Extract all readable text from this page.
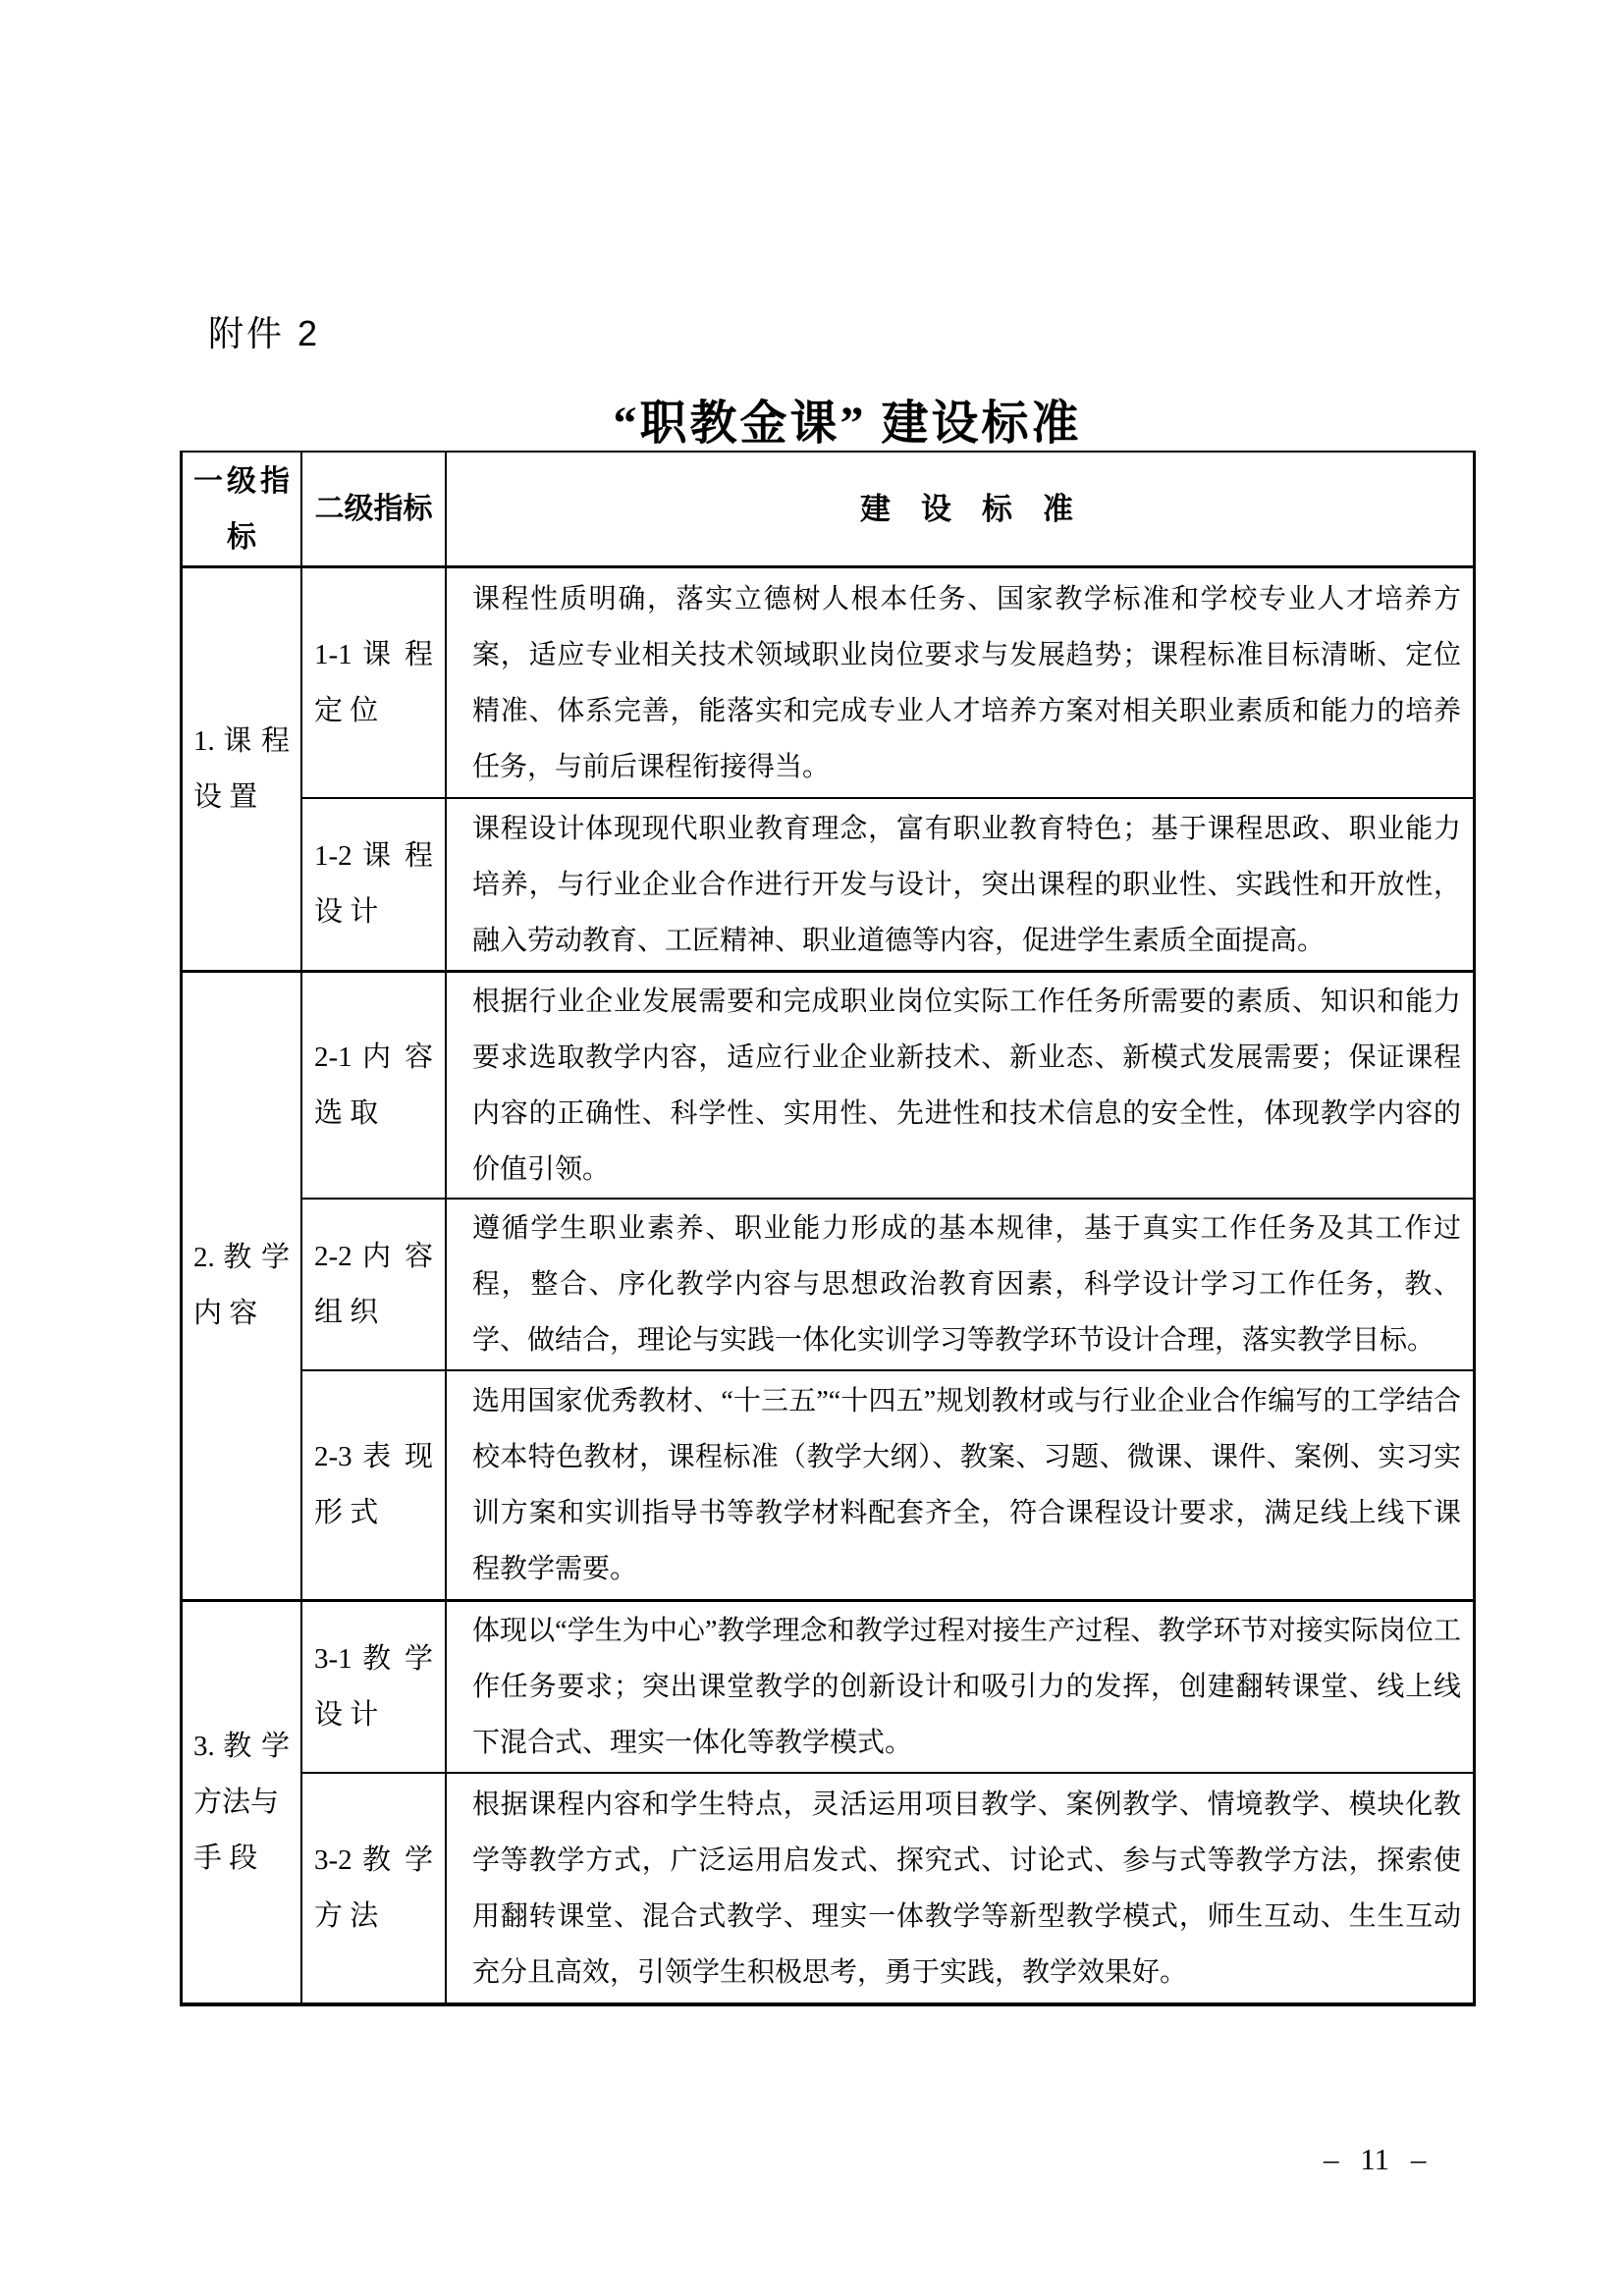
附件 2
“职教金课” 建设标准
一级指
标
二级指标	建　设　标　准
1. 课 程
设 置
2. 教 学
内 容
3. 教 学
方法与
手 段
1-1 课 程
定 位
课程性质明确，落实立德树人根本任务、国家教学标准和学校专业人才培养方案，适应专业相关技术领域职业岗位要求与发展趋势；课程标准目标清晰、定位精准、体系完善，能落实和完成专业人才培养方案对相关职业素质和能力的培养任务，与前后课程衔接得当。
1-2 课 程
设 计
课程设计体现现代职业教育理念，富有职业教育特色；基于课程思政、职业能力培养，与行业企业合作进行开发与设计，突出课程的职业性、实践性和开放性，融入劳动教育、工匠精神、职业道德等内容，促进学生素质全面提高。
2-1 内 容
选 取
根据行业企业发展需要和完成职业岗位实际工作任务所需要的素质、知识和能力要求选取教学内容，适应行业企业新技术、新业态、新模式发展需要；保证课程内容的正确性、科学性、实用性、先进性和技术信息的安全性，体现教学内容的价值引领。
2-2 内 容
组 织
遵循学生职业素养、职业能力形成的基本规律，基于真实工作任务及其工作过程，整合、序化教学内容与思想政治教育因素，科学设计学习工作任务，教、学、做结合，理论与实践一体化实训学习等教学环节设计合理，落实教学目标。
2-3 表 现
形 式
选用国家优秀教材、“十三五”“十四五”规划教材或与行业企业合作编写的工学结合校本特色教材，课程标准（教学大纲）、教案、习题、微课、课件、案例、实习实训方案和实训指导书等教学材料配套齐全，符合课程设计要求，满足线上线下课程教学需要。
3-1 教 学
设 计
体现以“学生为中心”教学理念和教学过程对接生产过程、教学环节对接实际岗位工作任务要求；突出课堂教学的创新设计和吸引力的发挥，创建翻转课堂、线上线下混合式、理实一体化等教学模式。
3-2 教 学
方 法
根据课程内容和学生特点，灵活运用项目教学、案例教学、情境教学、模块化教学等教学方式，广泛运用启发式、探究式、讨论式、参与式等教学方法，探索使用翻转课堂、混合式教学、理实一体教学等新型教学模式，师生互动、生生互动充分且高效，引领学生积极思考，勇于实践，教学效果好。
– 11 –
